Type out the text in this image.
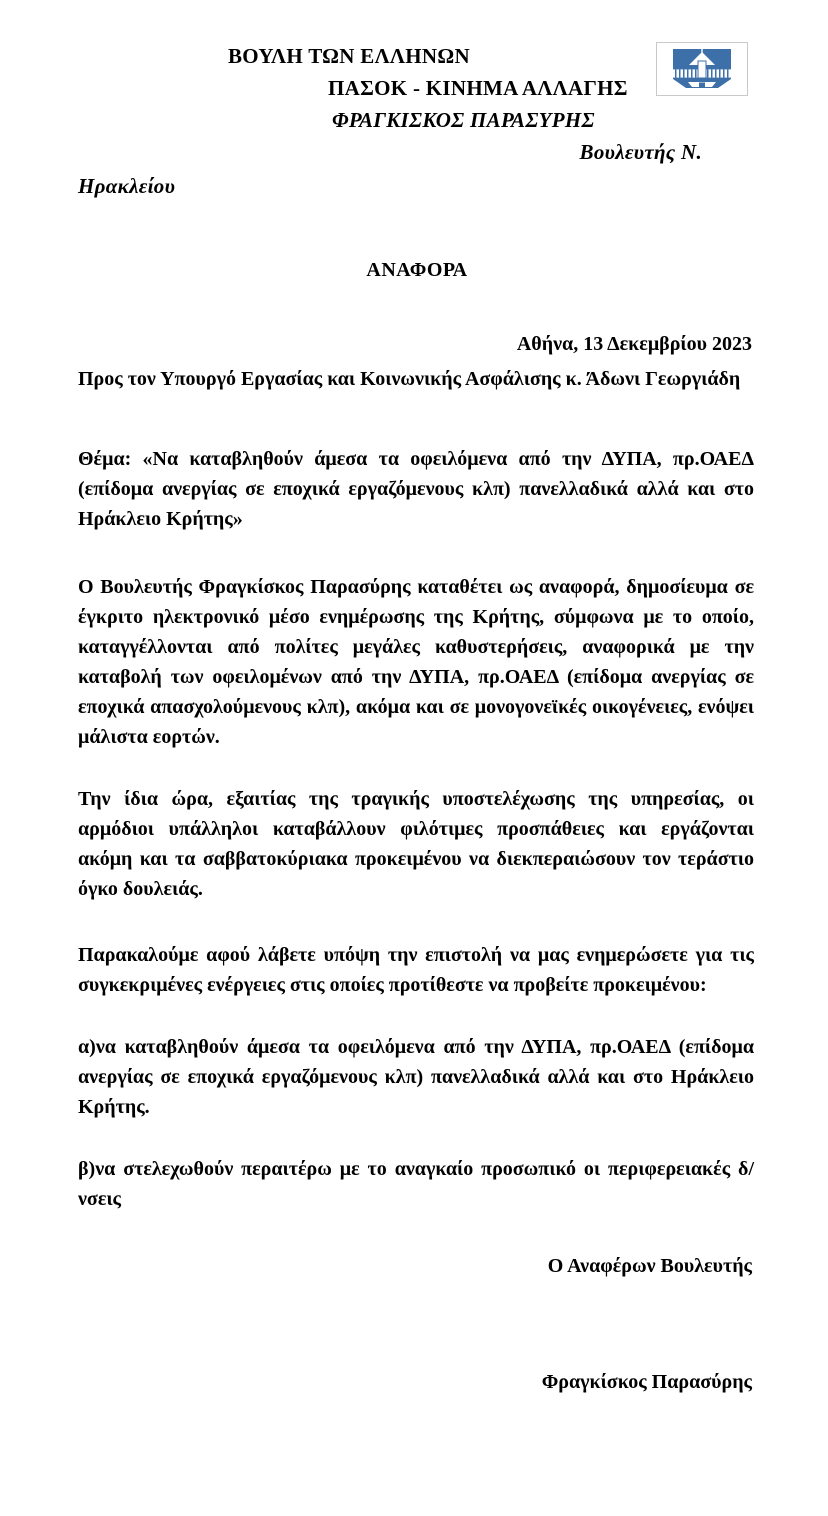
ΒΟΥΛΗ ΤΩΝ ΕΛΛΗΝΩΝ
ΠΑΣΟΚ - ΚΙΝΗΜΑ ΑΛΛΑΓΗΣ
ΦΡΑΓΚΙΣΚΟΣ ΠΑΡΑΣΥΡΗΣ
Βουλευτής Ν.
Ηρακλείου
ΑΝΑΦΟΡΑ
Αθήνα, 13 Δεκεμβρίου 2023

Προς τον Υπουργό Εργασίας και Κοινωνικής Ασφάλισης κ. Άδωνι Γεωργιάδη

Θέμα: «Να καταβληθούν άμεσα τα οφειλόμενα από την ΔΥΠΑ, πρ.ΟΑΕΔ (επίδομα ανεργίας σε εποχικά εργαζόμενους κλπ) πανελλαδικά αλλά και στο Ηράκλειο Κρήτης»

Ο Βουλευτής Φραγκίσκος Παρασύρης καταθέτει ως αναφορά, δημοσίευμα σε έγκριτο ηλεκτρονικό μέσο ενημέρωσης της Κρήτης, σύμφωνα με το οποίο, καταγγέλλονται από πολίτες μεγάλες καθυστερήσεις, αναφορικά με την καταβολή των οφειλομένων από την ΔΥΠΑ, πρ.ΟΑΕΔ (επίδομα ανεργίας σε εποχικά απασχολούμενους κλπ), ακόμα και σε μονογονεϊκές οικογένειες, ενόψει μάλιστα εορτών.

Την ίδια ώρα, εξαιτίας της τραγικής υποστελέχωσης της υπηρεσίας, οι αρμόδιοι υπάλληλοι καταβάλλουν φιλότιμες προσπάθειες και εργάζονται ακόμη και τα σαββατοκύριακα προκειμένου να διεκπεραιώσουν τον τεράστιο όγκο δουλειάς.

Παρακαλούμε αφού λάβετε υπόψη την επιστολή να μας ενημερώσετε για τις συγκεκριμένες ενέργειες στις οποίες προτίθεστε να προβείτε προκειμένου:

α)να καταβληθούν άμεσα τα οφειλόμενα από την ΔΥΠΑ, πρ.ΟΑΕΔ (επίδομα ανεργίας σε εποχικά εργαζόμενους κλπ) πανελλαδικά αλλά και στο Ηράκλειο Κρήτης.

β)να στελεχωθούν περαιτέρω με το αναγκαίο προσωπικό οι περιφερειακές δ/νσεις

Ο Αναφέρων Βουλευτής
Φραγκίσκος Παρασύρης
